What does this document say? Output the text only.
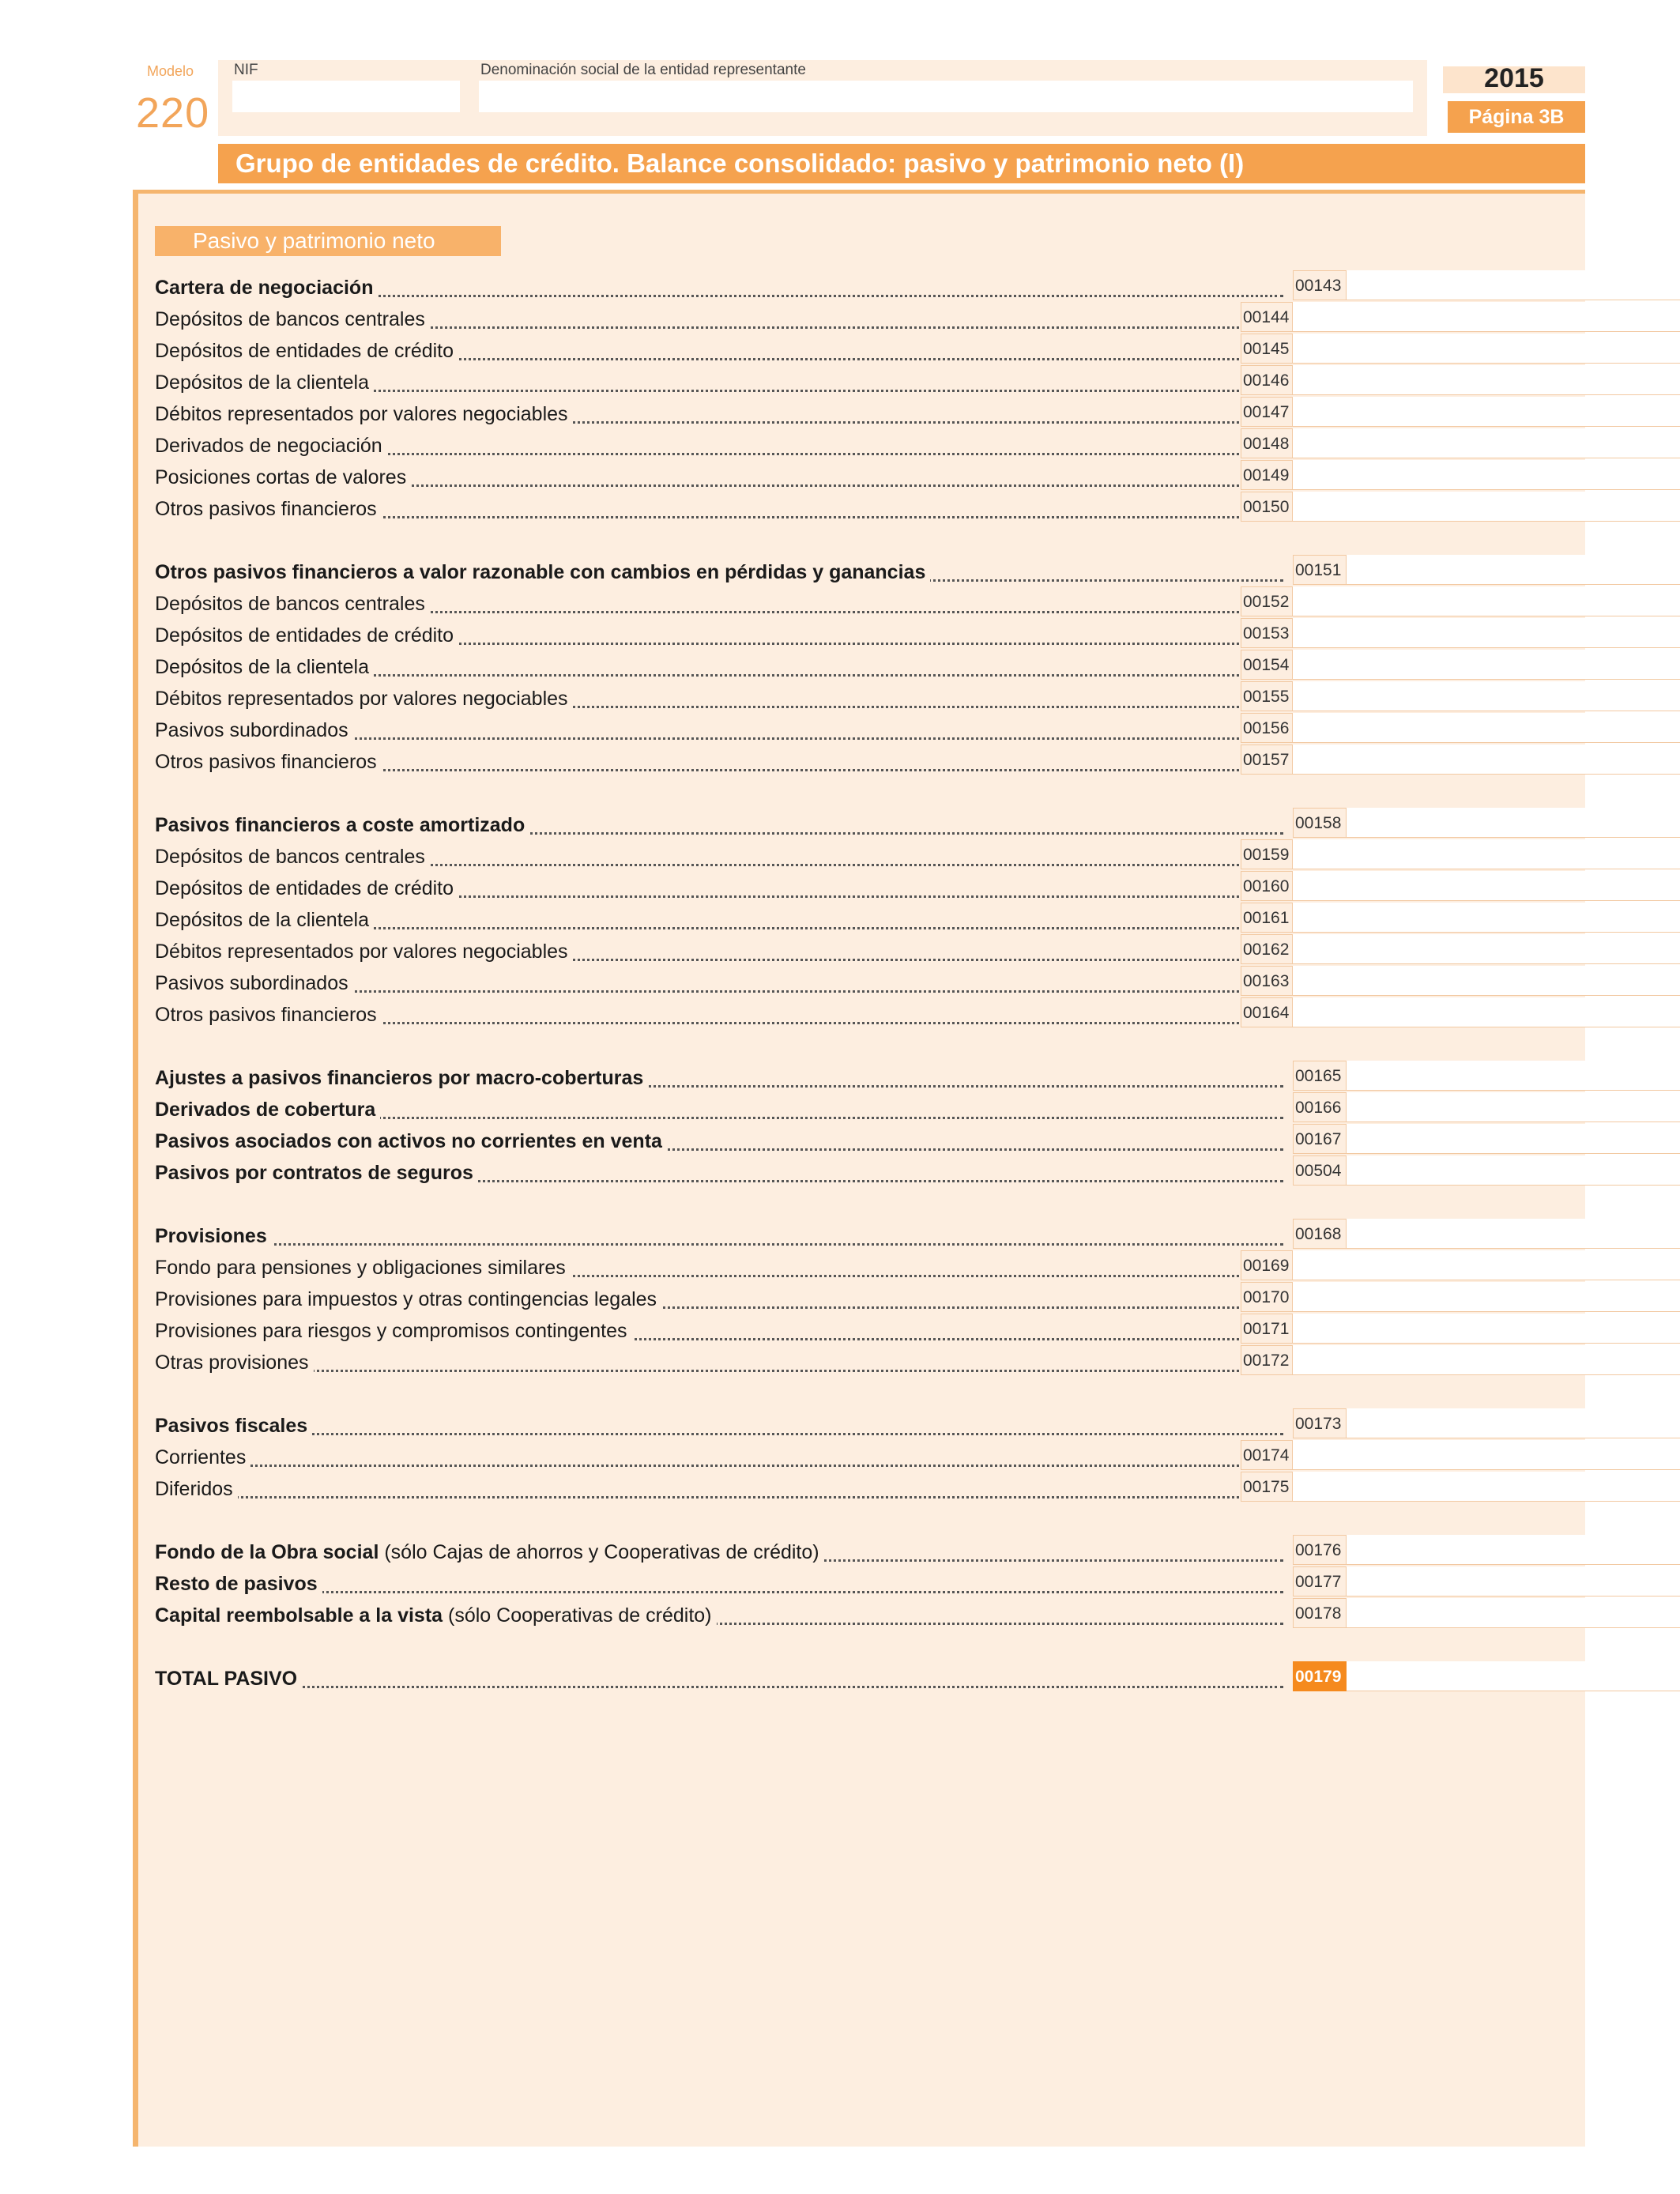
Modelo
220
NIF	Denominación social de la entidad representante	2015
Página 3B
Grupo de entidades de crédito. Balance consolidado: pasivo y patrimonio neto (I)
Pasivo y patrimonio neto
Cartera de negociación	00143
Depósitos de bancos centrales	00144
Depósitos de entidades de crédito	00145
Depósitos de la clientela	00146
Débitos representados por valores negociables	00147
Derivados de negociación	00148
Posiciones cortas de valores	00149
Otros pasivos financieros	00150
Otros pasivos financieros a valor razonable con cambios en pérdidas y ganancias	00151
Depósitos de bancos centrales	00152
Depósitos de entidades de crédito	00153
Depósitos de la clientela	00154
Débitos representados por valores negociables	00155
Pasivos subordinados	00156
Otros pasivos financieros	00157
Pasivos financieros a coste amortizado	00158
Depósitos de bancos centrales	00159
Depósitos de entidades de crédito	00160
Depósitos de la clientela	00161
Débitos representados por valores negociables	00162
Pasivos subordinados	00163
Otros pasivos financieros	00164
Ajustes a pasivos financieros por macro-coberturas	00165
Derivados de cobertura	00166
Pasivos asociados con activos no corrientes en venta	00167
Pasivos por contratos de seguros	00504
Provisiones	00168
Fondo para pensiones y obligaciones similares	00169
Provisiones para impuestos y otras contingencias legales	00170
Provisiones para riesgos y compromisos contingentes	00171
Otras provisiones	00172
Pasivos fiscales	00173
Corrientes	00174
Diferidos	00175
Fondo de la Obra social (sólo Cajas de ahorros y Cooperativas de crédito)	00176
Resto de pasivos	00177
Capital reembolsable a la vista (sólo Cooperativas de crédito)	00178
TOTAL PASIVO	00179
